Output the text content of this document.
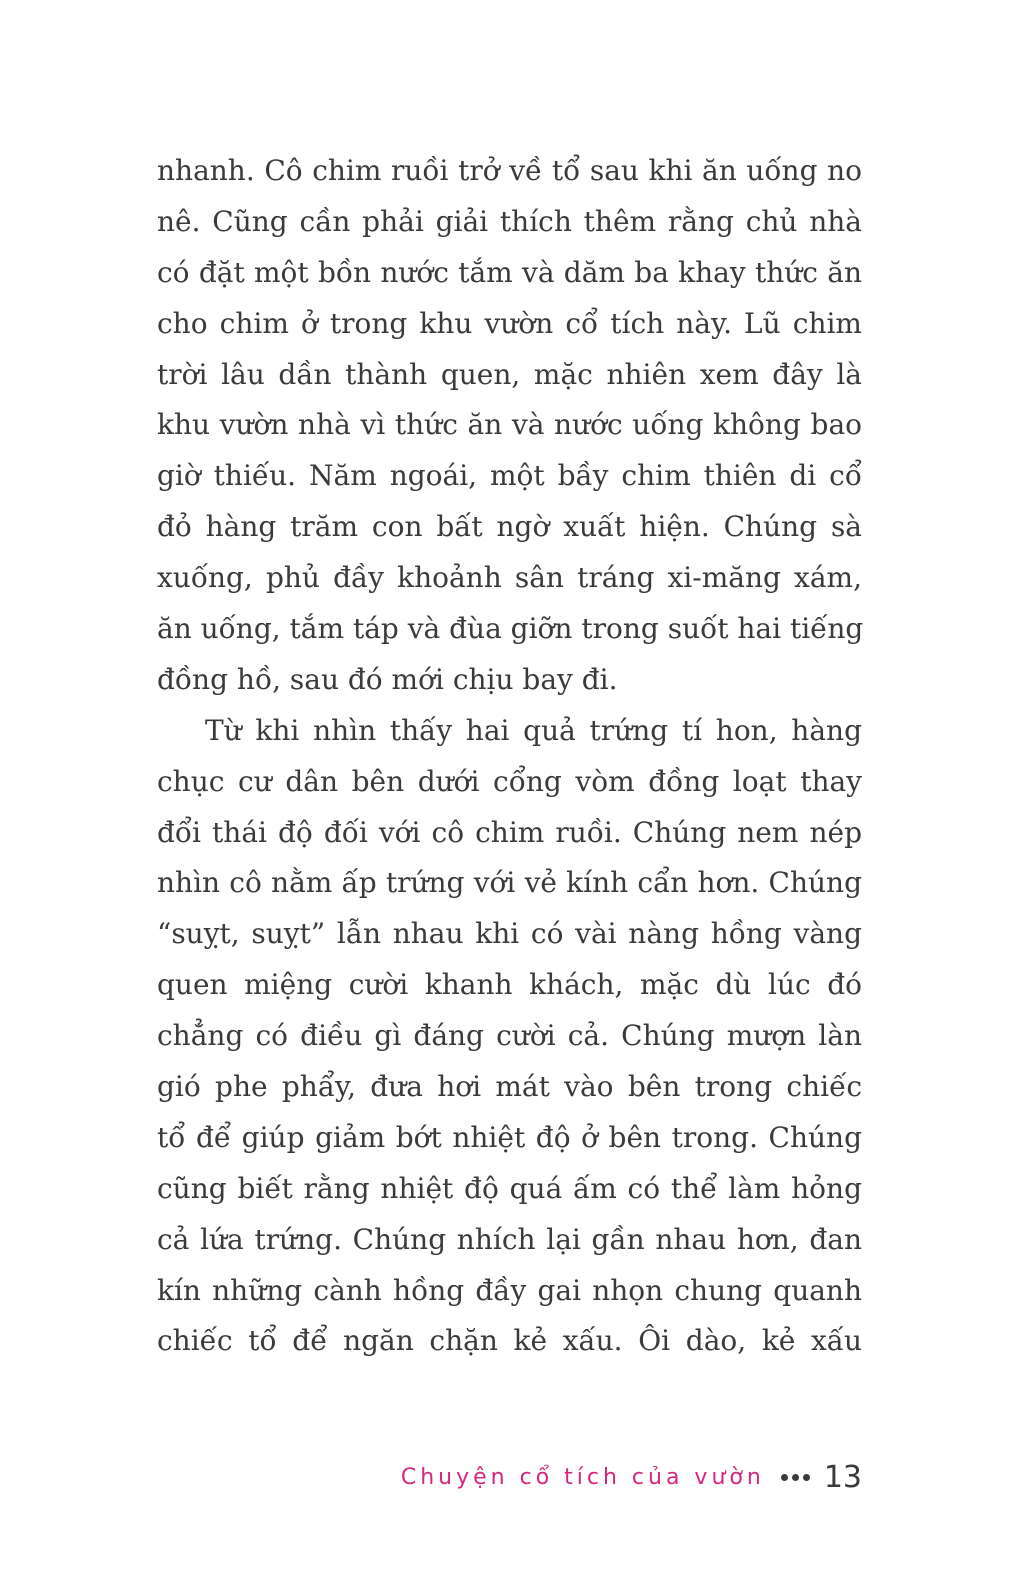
nhanh. Cô chim ruồi trở về tổ sau khi ăn uống no
nê. Cũng cần phải giải thích thêm rằng chủ nhà
có đặt một bồn nước tắm và dăm ba khay thức ăn
cho chim ở trong khu vườn cổ tích này. Lũ chim
trời lâu dần thành quen, mặc nhiên xem đây là
khu vườn nhà vì thức ăn và nước uống không bao
giờ thiếu. Năm ngoái, một bầy chim thiên di cổ
đỏ hàng trăm con bất ngờ xuất hiện. Chúng sà
xuống, phủ đầy khoảnh sân tráng xi-măng xám,
ăn uống, tắm táp và đùa giỡn trong suốt hai tiếng
đồng hồ, sau đó mới chịu bay đi.

Từ khi nhìn thấy hai quả trứng tí hon, hàng
chục cư dân bên dưới cổng vòm đồng loạt thay
đổi thái độ đối với cô chim ruồi. Chúng nem nép
nhìn cô nằm ấp trứng với vẻ kính cẩn hơn. Chúng
“suỵt, suỵt” lẫn nhau khi có vài nàng hồng vàng
quen miệng cười khanh khách, mặc dù lúc đó
chẳng có điều gì đáng cười cả. Chúng mượn làn
gió phe phẩy, đưa hơi mát vào bên trong chiếc
tổ để giúp giảm bớt nhiệt độ ở bên trong. Chúng
cũng biết rằng nhiệt độ quá ấm có thể làm hỏng
cả lứa trứng. Chúng nhích lại gần nhau hơn, đan
kín những cành hồng đầy gai nhọn chung quanh
chiếc tổ để ngăn chặn kẻ xấu. Ôi dào, kẻ xấu

Chuyện cổ tích của vườn 13
